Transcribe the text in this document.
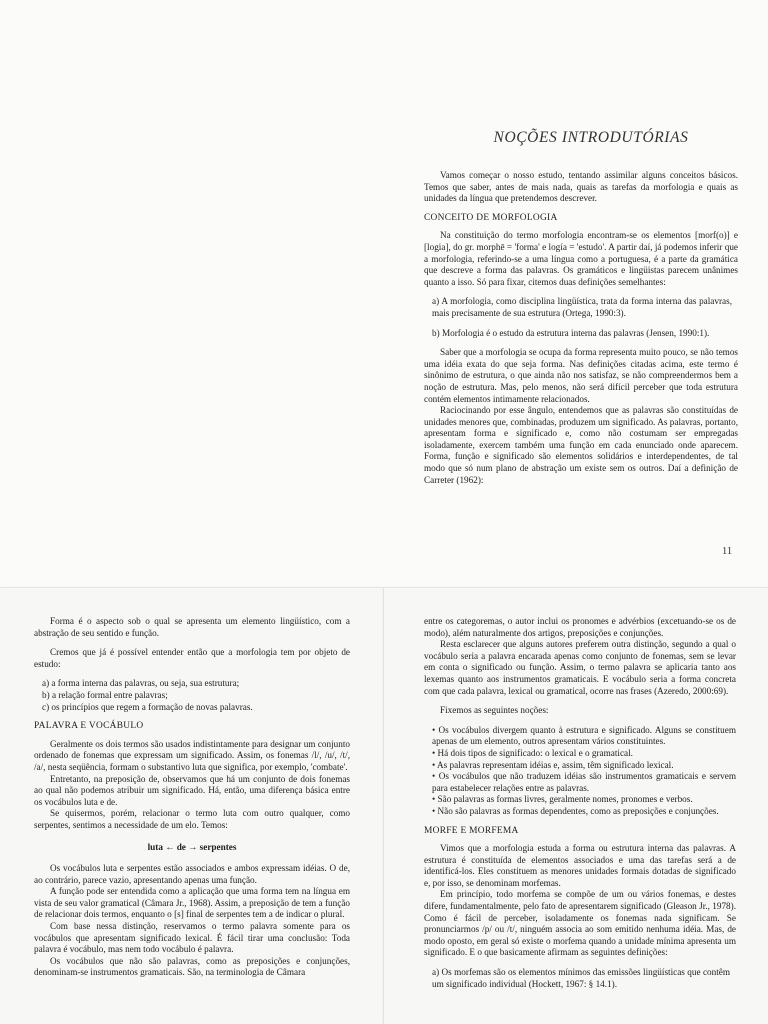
NOÇÕES INTRODUTÓRIAS

Vamos começar o nosso estudo, tentando assimilar alguns conceitos básicos. Temos que saber, antes de mais nada, quais as tarefas da morfologia e quais as unidades da língua que pretendemos descrever.

CONCEITO DE MORFOLOGIA

Na constituição do termo morfologia encontram-se os elementos [morf(o)] e [logia], do gr. morphē = 'forma' e logía = 'estudo'. A partir daí, já podemos inferir que a morfologia, referindo-se a uma língua como a portuguesa, é a parte da gramática que descreve a forma das palavras. Os gramáticos e lingüistas parecem unânimes quanto a isso. Só para fixar, citemos duas definições semelhantes:

a) A morfologia, como disciplina lingüística, trata da forma interna das palavras, mais precisamente de sua estrutura (Ortega, 1990:3).

b) Morfologia é o estudo da estrutura interna das palavras (Jensen, 1990:1).

Saber que a morfologia se ocupa da forma representa muito pouco, se não temos uma idéia exata do que seja forma. Nas definições citadas acima, este termo é sinônimo de estrutura, o que ainda não nos satisfaz, se não compreendermos bem a noção de estrutura. Mas, pelo menos, não será difícil perceber que toda estrutura contém elementos intimamente relacionados.

Raciocinando por esse ângulo, entendemos que as palavras são constituídas de unidades menores que, combinadas, produzem um significado. As palavras, portanto, apresentam forma e significado e, como não costumam ser empregadas isoladamente, exercem também uma função em cada enunciado onde aparecem. Forma, função e significado são elementos solidários e interdependentes, de tal modo que só num plano de abstração um existe sem os outros. Daí a definição de Carreter (1962):

11

Forma é o aspecto sob o qual se apresenta um elemento lingüístico, com a abstração de seu sentido e função.

Cremos que já é possível entender então que a morfologia tem por objeto de estudo:

a) a forma interna das palavras, ou seja, sua estrutura;

b) a relação formal entre palavras;

c) os princípios que regem a formação de novas palavras.

PALAVRA E VOCÁBULO

Geralmente os dois termos são usados indistintamente para designar um conjunto ordenado de fonemas que expressam um significado. Assim, os fonemas /l/, /u/, /t/, /a/, nesta seqüência, formam o substantivo luta que significa, por exemplo, 'combate'.

Entretanto, na preposição de, observamos que há um conjunto de dois fonemas ao qual não podemos atribuir um significado. Há, então, uma diferença básica entre os vocábulos luta e de.

Se quisermos, porém, relacionar o termo luta com outro qualquer, como serpentes, sentimos a necessidade de um elo. Temos:

luta ← de → serpentes

Os vocábulos luta e serpentes estão associados e ambos expressam idéias. O de, ao contrário, parece vazio, apresentando apenas uma função.

A função pode ser entendida como a aplicação que uma forma tem na língua em vista de seu valor gramatical (Câmara Jr., 1968). Assim, a preposição de tem a função de relacionar dois termos, enquanto o [s] final de serpentes tem a de indicar o plural.

Com base nessa distinção, reservamos o termo palavra somente para os vocábulos que apresentam significado lexical. É fácil tirar uma conclusão: Toda palavra é vocábulo, mas nem todo vocábulo é palavra.

Os vocábulos que não são palavras, como as preposições e conjunções, denominam-se instrumentos gramaticais. São, na terminologia de Câmara

entre os categoremas, o autor inclui os pronomes e advérbios (excetuando-se os de modo), além naturalmente dos artigos, preposições e conjunções.

Resta esclarecer que alguns autores preferem outra distinção, segundo a qual o vocábulo seria a palavra encarada apenas como conjunto de fonemas, sem se levar em conta o significado ou função. Assim, o termo palavra se aplicaria tanto aos lexemas quanto aos instrumentos gramaticais. E vocábulo seria a forma concreta com que cada palavra, lexical ou gramatical, ocorre nas frases (Azeredo, 2000:69).

Fixemos as seguintes noções:

• Os vocábulos divergem quanto à estrutura e significado. Alguns se constituem apenas de um elemento, outros apresentam vários constituintes.

• Há dois tipos de significado: o lexical e o gramatical.

• As palavras representam idéias e, assim, têm significado lexical.

• Os vocábulos que não traduzem idéias são instrumentos gramaticais e servem para estabelecer relações entre as palavras.

• São palavras as formas livres, geralmente nomes, pronomes e verbos.

• Não são palavras as formas dependentes, como as preposições e conjunções.

MORFE E MORFEMA

Vimos que a morfologia estuda a forma ou estrutura interna das palavras. A estrutura é constituída de elementos associados e uma das tarefas será a de identificá-los. Eles constituem as menores unidades formais dotadas de significado e, por isso, se denominam morfemas.

Em princípio, todo morfema se compõe de um ou vários fonemas, e destes difere, fundamentalmente, pelo fato de apresentarem significado (Gleason Jr., 1978). Como é fácil de perceber, isoladamente os fonemas nada significam. Se pronunciarmos /p/ ou /t/, ninguém associa ao som emitido nenhuma idéia. Mas, de modo oposto, em geral só existe o morfema quando a unidade mínima apresenta um significado. E o que basicamente afirmam as seguintes definições:

a) Os morfemas são os elementos mínimos das emissões lingüísticas que contêm um significado individual (Hockett, 1967: § 14.1).
